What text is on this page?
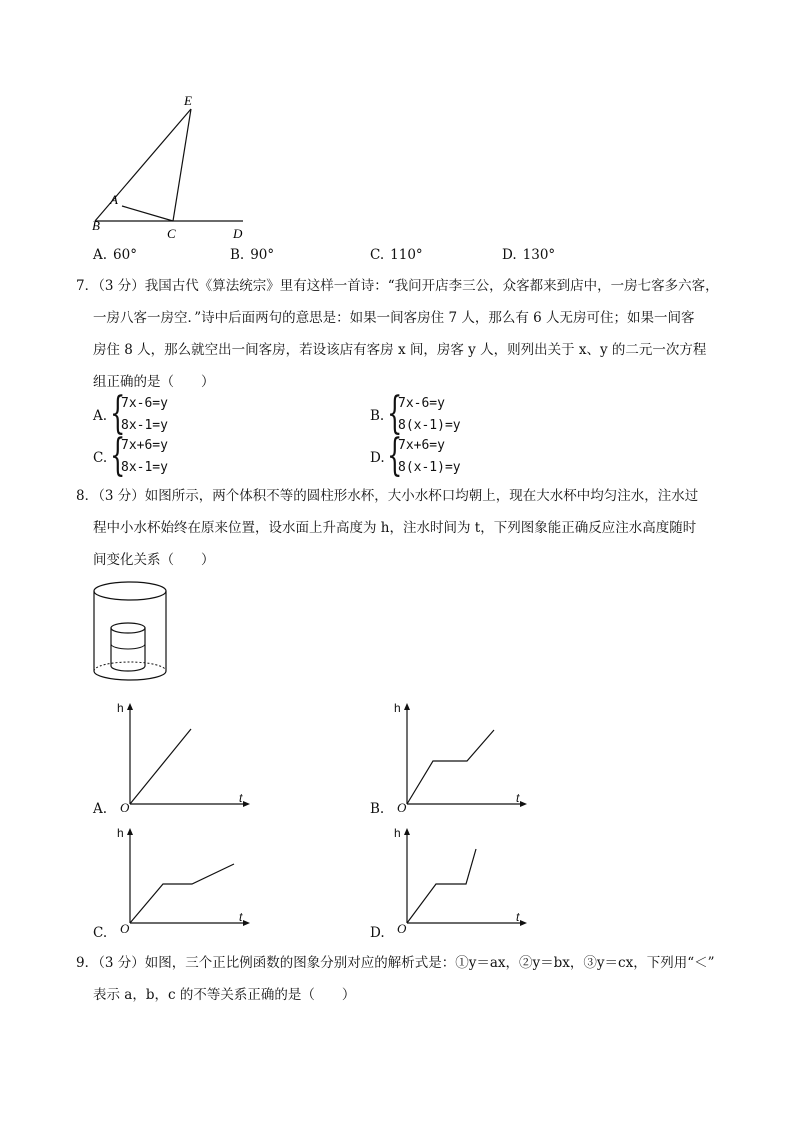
E
A
B
C	D
A. 60°	B. 90°	C. 110°	D. 130°
7．（3 分）我国古代《算法统宗》里有这样一首诗：“我问开店李三公，众客都来到店中，一房七客多六客，
一房八客一房空．”诗中后面两句的意思是：如果一间客房住 7 人，那么有 6 人无房可住；如果一间客
房住 8 人，那么就空出一间客房，若设该店有客房 x 间，房客 y 人，则列出关于 x、y 的二元一次方程
组正确的是（　　）
A. {
7x-6=y
8x-1=y
B. {
7x-6=y
8(x-1)=y
C. {
7x+6=y
8x-1=y
D. {
7x+6=y
8(x-1)=y
8．（3 分）如图所示，两个体积不等的圆柱形水杯，大小水杯口均朝上，现在大水杯中均匀注水，注水过
程中小水杯始终在原来位置，设水面上升高度为 h，注水时间为 t，下列图象能正确反应注水高度随时
间变化关系（　　）
h
t
O
A.
h
t
O
B.
h
t
O
C.
h
t
O
D.
9．（3 分）如图，三个正比例函数的图象分别对应的解析式是：①y＝ax，②y＝bx，③y＝cx，下列用“＜”
表示 a，b，c 的不等关系正确的是（　　）
